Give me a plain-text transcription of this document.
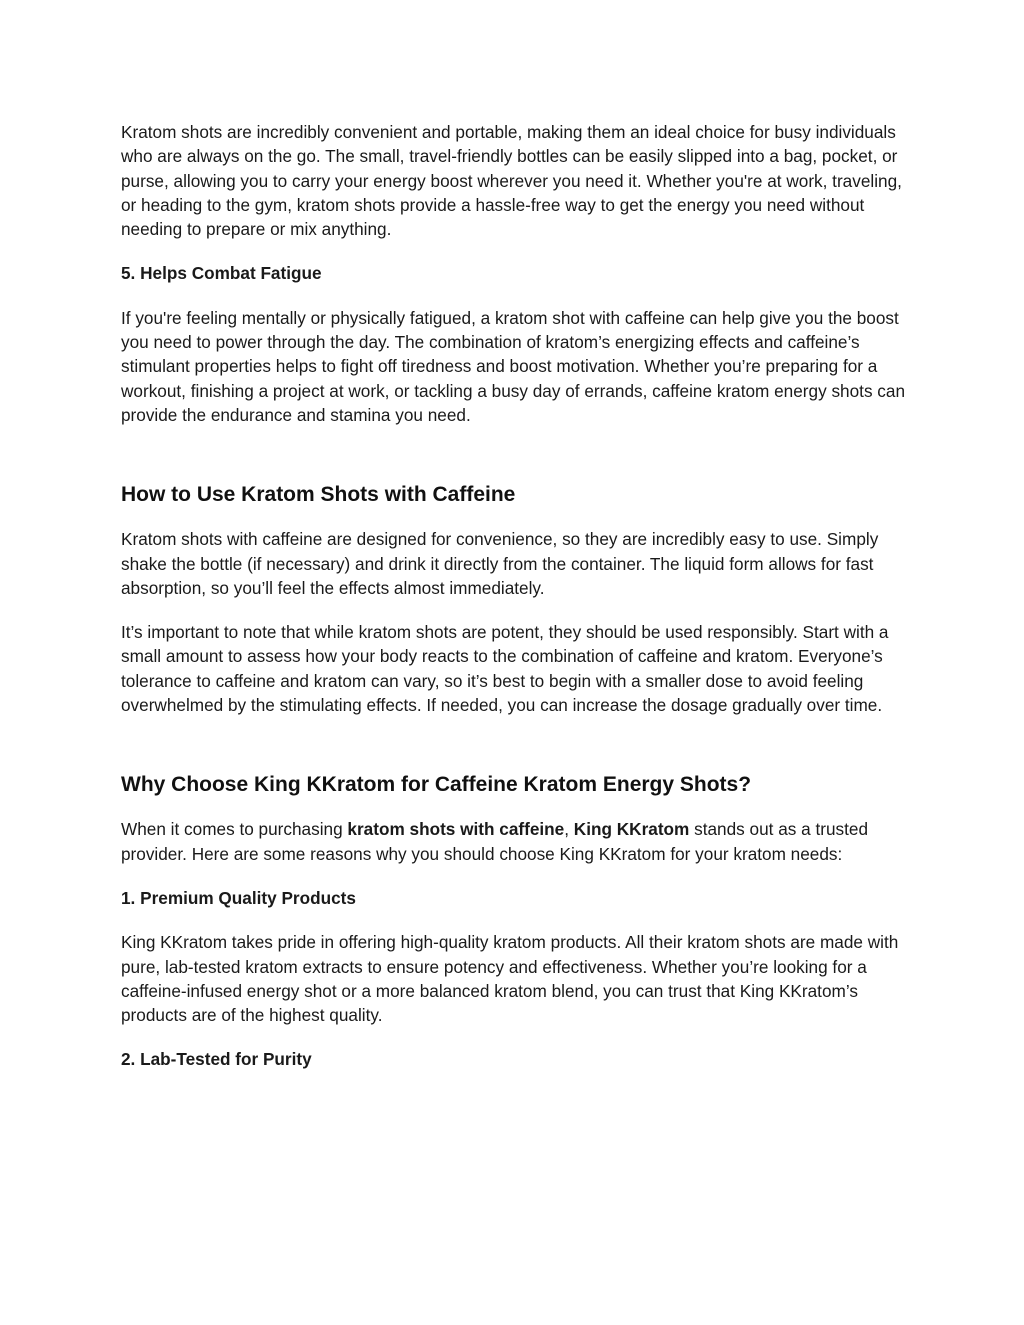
Kratom shots are incredibly convenient and portable, making them an ideal choice for busy individuals who are always on the go. The small, travel-friendly bottles can be easily slipped into a bag, pocket, or purse, allowing you to carry your energy boost wherever you need it. Whether you're at work, traveling, or heading to the gym, kratom shots provide a hassle-free way to get the energy you need without needing to prepare or mix anything.

5. Helps Combat Fatigue

If you're feeling mentally or physically fatigued, a kratom shot with caffeine can help give you the boost you need to power through the day. The combination of kratom’s energizing effects and caffeine’s stimulant properties helps to fight off tiredness and boost motivation. Whether you’re preparing for a workout, finishing a project at work, or tackling a busy day of errands, caffeine kratom energy shots can provide the endurance and stamina you need.

How to Use Kratom Shots with Caffeine

Kratom shots with caffeine are designed for convenience, so they are incredibly easy to use. Simply shake the bottle (if necessary) and drink it directly from the container. The liquid form allows for fast absorption, so you’ll feel the effects almost immediately.

It’s important to note that while kratom shots are potent, they should be used responsibly. Start with a small amount to assess how your body reacts to the combination of caffeine and kratom. Everyone’s tolerance to caffeine and kratom can vary, so it’s best to begin with a smaller dose to avoid feeling overwhelmed by the stimulating effects. If needed, you can increase the dosage gradually over time.

Why Choose King KKratom for Caffeine Kratom Energy Shots?

When it comes to purchasing kratom shots with caffeine, King KKratom stands out as a trusted provider. Here are some reasons why you should choose King KKratom for your kratom needs:

1. Premium Quality Products

King KKratom takes pride in offering high-quality kratom products. All their kratom shots are made with pure, lab-tested kratom extracts to ensure potency and effectiveness. Whether you’re looking for a caffeine-infused energy shot or a more balanced kratom blend, you can trust that King KKratom’s products are of the highest quality.

2. Lab-Tested for Purity
